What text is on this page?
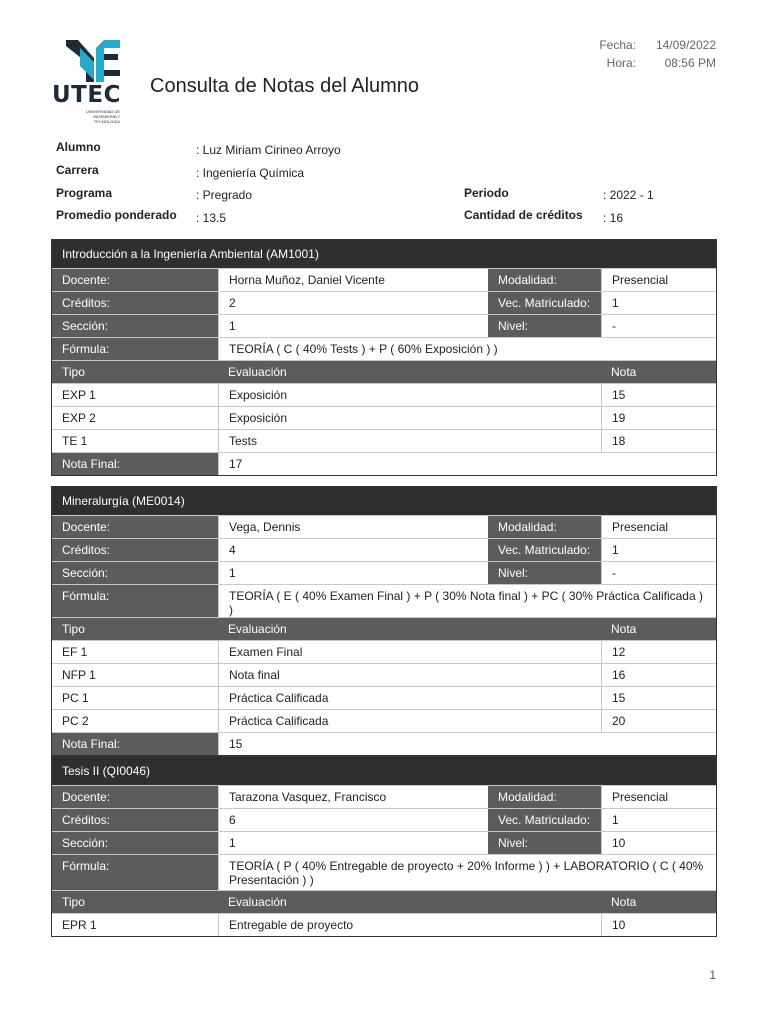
UTEC
UNIVERSIDAD DE INGENIERÍA Y TECNOLOGÍA
Consulta de Notas del Alumno
Fecha:	14/09/2022
Hora:	08:56 PM
Alumno	: Luz Miriam Cirineo Arroyo
Carrera	: Ingeniería Química
Programa	: Pregrado	Periodo	: 2022 - 1
Promedio ponderado : 13.5	Cantidad de créditos : 16
Introducción a la Ingeniería Ambiental (AM1001)
Docente:	Horna Muñoz, Daniel Vicente	Modalidad:	Presencial
Créditos:	2	Vec. Matriculado:	1
Sección:	1	Nivel:	-
Fórmula:	TEORÍA ( C ( 40% Tests ) + P ( 60% Exposición ) )
Tipo	Evaluación	Nota
EXP 1	Exposición	15
EXP 2	Exposición	19
TE 1	Tests	18
Nota Final:	17
Mineralurgía (ME0014)
Docente:	Vega, Dennis	Modalidad:	Presencial
Créditos:	4	Vec. Matriculado:	1
Sección:	1	Nivel:	-
Fórmula:	TEORÍA ( E ( 40% Examen Final ) + P ( 30% Nota final ) + PC ( 30% Práctica Calificada ) )
Tipo	Evaluación	Nota
EF 1	Examen Final	12
NFP 1	Nota final	16
PC 1	Práctica Calificada	15
PC 2	Práctica Calificada	20
Nota Final:	15
Tesis II (QI0046)
Docente:	Tarazona Vasquez, Francisco	Modalidad:	Presencial
Créditos:	6	Vec. Matriculado:	1
Sección:	1	Nivel:	10
Fórmula:	TEORÍA ( P ( 40% Entregable de proyecto + 20% Informe ) ) + LABORATORIO ( C ( 40% Presentación ) )
Tipo	Evaluación	Nota
EPR 1	Entregable de proyecto	10
1
